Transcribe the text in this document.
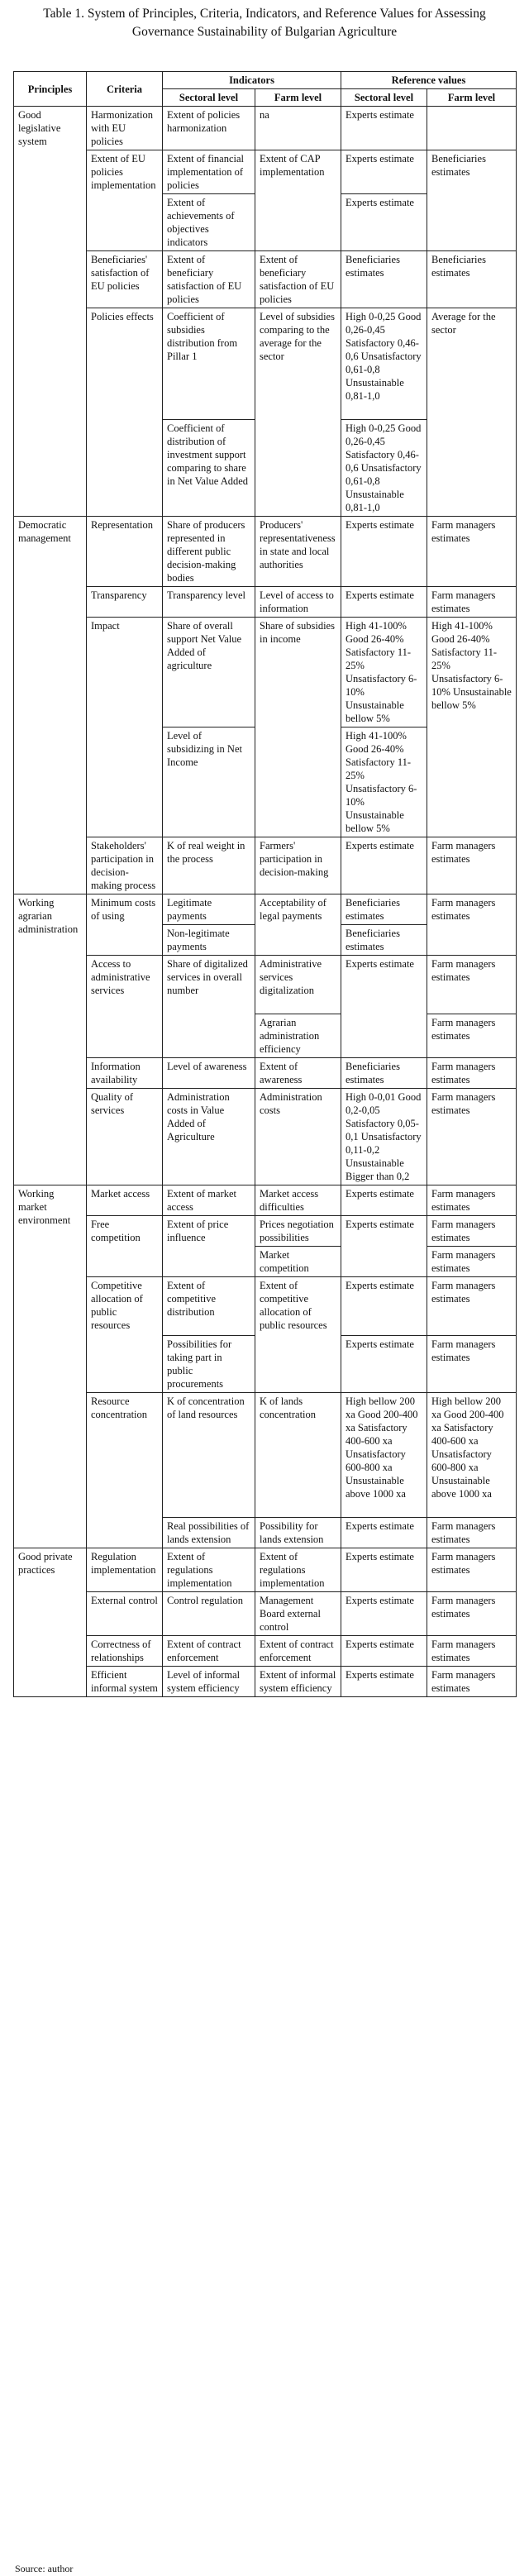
Table 1. System of Principles, Criteria, Indicators, and Reference Values for Assessing Governance Sustainability of Bulgarian Agriculture
Principles	Criteria	Indicators		Reference values	
		Sectoral level	Farm level	Sectoral level	Farm level
Good legislative system	Harmonization with EU policies	Extent of policies harmonization	na	Experts estimate	
	Extent of EU policies implementation	Extent of financial implementation of policies	Extent of CAP implementation	Experts estimate	Beneficiaries estimates
		Extent of achievements of objectives indicators		Experts estimate	
	Beneficiaries' satisfaction of EU policies	Extent of beneficiary satisfaction of EU policies	Extent of beneficiary satisfaction of EU policies	Beneficiaries estimates	Beneficiaries estimates
	Policies effects	Coefficient of subsidies distribution from Pillar 1	Level of subsidies comparing to the average for the sector	High 0-0,25 Good 0,26-0,45 Satisfactory 0,46-0,6 Unsatisfactory 0,61-0,8 Unsustainable 0,81-1,0	Average for the sector
		Coefficient of distribution of investment support comparing to share in Net Value Added		High 0-0,25 Good 0,26-0,45 Satisfactory 0,46-0,6 Unsatisfactory 0,61-0,8 Unsustainable 0,81-1,0	
Democratic management	Representation	Share of producers represented in different public decision-making bodies	Producers' representativeness in state and local authorities	Experts estimate	Farm managers estimates
	Transparency	Transparency level	Level of access to information	Experts estimate	Farm managers estimates
	Impact	Share of overall support Net Value Added of agriculture	Share of subsidies in income	High 41-100% Good 26-40% Satisfactory 11-25% Unsatisfactory 6-10% Unsustainable bellow 5%	High 41-100% Good 26-40% Satisfactory 11-25% Unsatisfactory 6-10% Unsustainable bellow 5%
		Level of subsidizing in Net Income		High 41-100% Good 26-40% Satisfactory 11-25% Unsatisfactory 6-10% Unsustainable bellow 5%	
	Stakeholders' participation in decision-making process	K of real weight in the process	Farmers' participation in decision-making	Experts estimate	Farm managers estimates
Working agrarian administration	Minimum costs of using	Legitimate payments	Acceptability of legal payments	Beneficiaries estimates	Farm managers estimates
		Non-legitimate payments		Beneficiaries estimates	
	Access to administrative services	Share of digitalized services in overall number	Administrative services digitalization	Experts estimate	Farm managers estimates
			Agrarian administration efficiency		Farm managers estimates
	Information availability	Level of awareness	Extent of awareness	Beneficiaries estimates	Farm managers estimates
	Quality of services	Administration costs in Value Added of Agriculture	Administration costs	High 0-0,01 Good 0,2-0,05 Satisfactory 0,05-0,1 Unsatisfactory 0,11-0,2 Unsustainable Bigger than 0,2	Farm managers estimates
Working market environment	Market access	Extent of market access	Market access difficulties	Experts estimate	Farm managers estimates
	Free competition	Extent of price influence	Prices negotiation possibilities	Experts estimate	Farm managers estimates
			Market competition		Farm managers estimates
	Competitive allocation of public resources	Extent of competitive distribution	Extent of competitive allocation of public resources	Experts estimate	Farm managers estimates
		Possibilities for taking part in public procurements		Experts estimate	Farm managers estimates
	Resource concentration	K of concentration of land resources	K of lands concentration	High bellow 200 xa Good 200-400 xa Satisfactory 400-600 xa Unsatisfactory 600-800 xa Unsustainable above 1000 xa	High bellow 200 xa Good 200-400 xa Satisfactory 400-600 xa Unsatisfactory 600-800 xa Unsustainable above 1000 xa
		Real possibilities of lands extension	Possibility for lands extension	Experts estimate	Farm managers estimates
Good private practices	Regulation implementation	Extent of regulations implementation	Extent of regulations implementation	Experts estimate	Farm managers estimates
	External control	Control regulation	Management Board external control	Experts estimate	Farm managers estimates
	Correctness of relationships	Extent of contract enforcement	Extent of contract enforcement	Experts estimate	Farm managers estimates
	Efficient informal system	Level of informal system efficiency	Extent of informal system efficiency	Experts estimate	Farm managers estimates
Source: author
